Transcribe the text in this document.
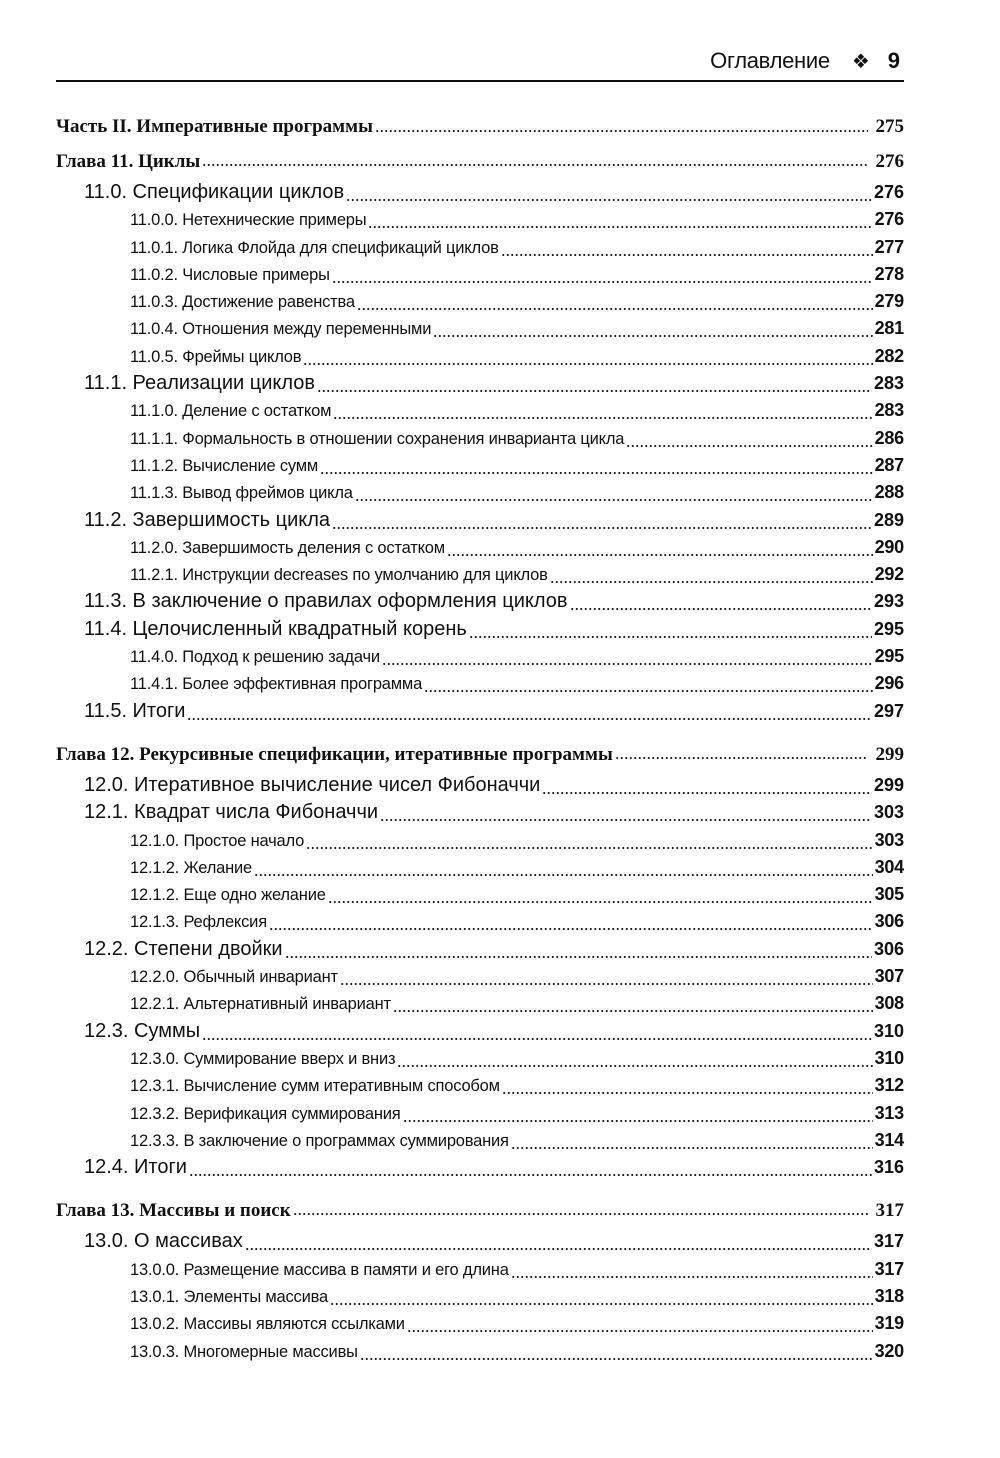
Оглавление ❖ 9
Часть II. Императивные программы	275
Глава 11. Циклы	276
11.0. Спецификации циклов	276
11.0.0. Нетехнические примеры	276
11.0.1. Логика Флойда для спецификаций циклов	277
11.0.2. Числовые примеры	278
11.0.3. Достижение равенства	279
11.0.4. Отношения между переменными	281
11.0.5. Фреймы циклов	282
11.1. Реализации циклов	283
11.1.0. Деление с остатком	283
11.1.1. Формальность в отношении сохранения инварианта цикла	286
11.1.2. Вычисление сумм	287
11.1.3. Вывод фреймов цикла	288
11.2. Завершимость цикла	289
11.2.0. Завершимость деления с остатком	290
11.2.1. Инструкции decreases по умолчанию для циклов	292
11.3. В заключение о правилах оформления циклов	293
11.4. Целочисленный квадратный корень	295
11.4.0. Подход к решению задачи	295
11.4.1. Более эффективная программа	296
11.5. Итоги	297
Глава 12. Рекурсивные спецификации, итеративные программы	299
12.0. Итеративное вычисление чисел Фибоначчи	299
12.1. Квадрат числа Фибоначчи	303
12.1.0. Простое начало	303
12.1.2. Желание	304
12.1.2. Еще одно желание	305
12.1.3. Рефлексия	306
12.2. Степени двойки	306
12.2.0. Обычный инвариант	307
12.2.1. Альтернативный инвариант	308
12.3. Суммы	310
12.3.0. Суммирование вверх и вниз	310
12.3.1. Вычисление сумм итеративным способом	312
12.3.2. Верификация суммирования	313
12.3.3. В заключение о программах суммирования	314
12.4. Итоги	316
Глава 13. Массивы и поиск	317
13.0. О массивах	317
13.0.0. Размещение массива в памяти и его длина	317
13.0.1. Элементы массива	318
13.0.2. Массивы являются ссылками	319
13.0.3. Многомерные массивы	320
